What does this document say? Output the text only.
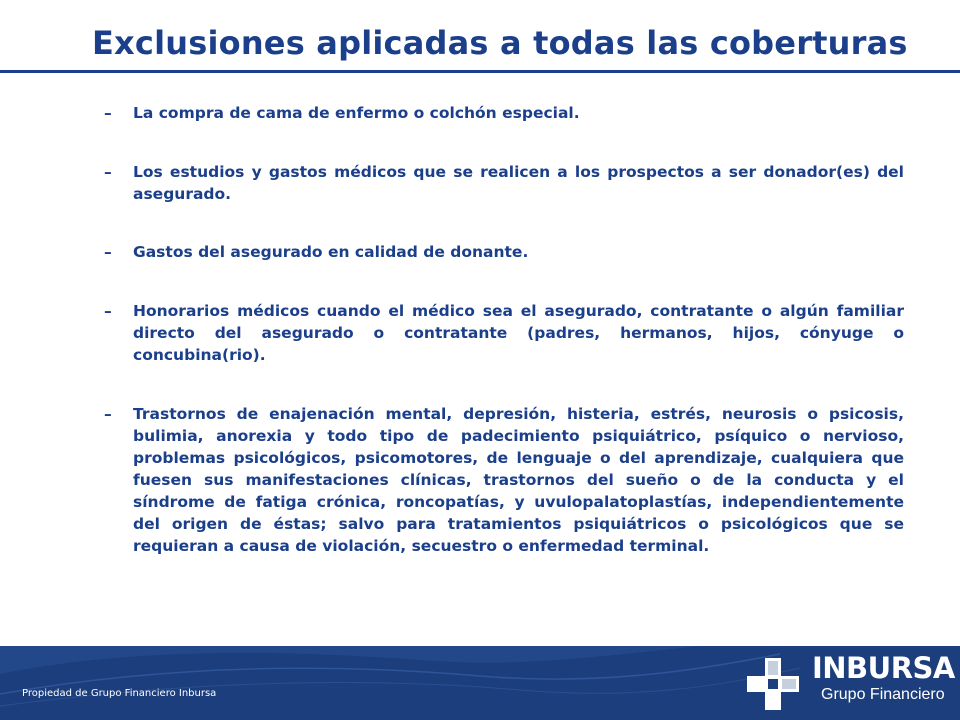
Exclusiones aplicadas a todas las coberturas
– La compra de cama de enfermo o colchón especial.
– Los estudios y gastos médicos que se realicen a los prospectos a ser donador(es) del asegurado.
– Gastos del asegurado en calidad de donante.
– Honorarios médicos cuando el médico sea el asegurado, contratante o algún familiar directo del asegurado o contratante (padres, hermanos, hijos, cónyuge o concubina(rio).
– Trastornos de enajenación mental, depresión, histeria, estrés, neurosis o psicosis, bulimia, anorexia y todo tipo de padecimiento psiquiátrico, psíquico o nervioso, problemas psicológicos, psicomotores, de lenguaje o del aprendizaje, cualquiera que fuesen sus manifestaciones clínicas, trastornos del sueño o de la conducta y el síndrome de fatiga crónica, roncopatías, y uvulopalatoplastías, independientemente del origen de éstas; salvo para tratamientos psiquiátricos o psicológicos que se requieran a causa de violación, secuestro o enfermedad terminal.
Propiedad de Grupo Financiero Inbursa
INBURSA
Grupo Financiero
